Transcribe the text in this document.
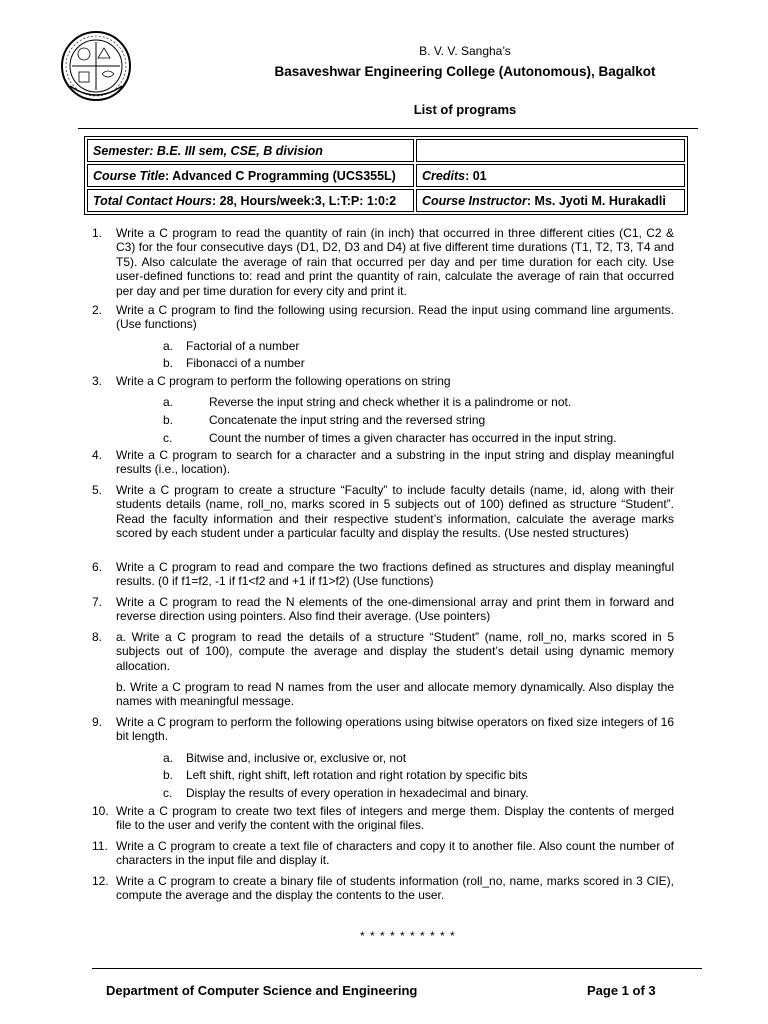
B. V. V. Sangha’s
Basaveshwar Engineering College (Autonomous), Bagalkot
List of programs
Semester: B.E. III sem, CSE, B division	
Course Title: Advanced C Programming (UCS355L)	Credits: 01
Total Contact Hours: 28, Hours/week:3, L:T:P: 1:0:2	Course Instructor: Ms. Jyoti M. Hurakadli
1. Write a C program to read the quantity of rain (in inch) that occurred in three different cities (C1, C2 & C3) for the four consecutive days (D1, D2, D3 and D4) at five different time durations (T1, T2, T3, T4 and T5). Also calculate the average of rain that occurred per day and per time duration for each city. Use user-defined functions to: read and print the quantity of rain, calculate the average of rain that occurred per day and per time duration for every city and print it.
2. Write a C program to find the following using recursion. Read the input using command line arguments. (Use functions)
a. Factorial of a number
b. Fibonacci of a number
3. Write a C program to perform the following operations on string
a.	Reverse the input string and check whether it is a palindrome or not.
b.	Concatenate the input string and the reversed string
c.	Count the number of times a given character has occurred in the input string.
4. Write a C program to search for a character and a substring in the input string and display meaningful results (i.e., location).
5. Write a C program to create a structure “Faculty” to include faculty details (name, id, along with their students details (name, roll_no, marks scored in 5 subjects out of 100) defined as structure “Student”. Read the faculty information and their respective student’s information, calculate the average marks scored by each student under a particular faculty and display the results. (Use nested structures)
6. Write a C program to read and compare the two fractions defined as structures and display meaningful results. (0 if f1=f2, -1 if f1<f2 and +1 if f1>f2) (Use functions)
7. Write a C program to read the N elements of the one-dimensional array and print them in forward and reverse direction using pointers. Also find their average. (Use pointers)
8. a. Write a C program to read the details of a structure “Student” (name, roll_no, marks scored in 5 subjects out of 100), compute the average and display the student’s detail using dynamic memory allocation.
b. Write a C program to read N names from the user and allocate memory dynamically. Also display the names with meaningful message.
9. Write a C program to perform the following operations using bitwise operators on fixed size integers of 16 bit length.
a. Bitwise and, inclusive or, exclusive or, not
b. Left shift, right shift, left rotation and right rotation by specific bits
c. Display the results of every operation in hexadecimal and binary.
10. Write a C program to create two text files of integers and merge them. Display the contents of merged file to the user and verify the content with the original files.
11. Write a C program to create a text file of characters and copy it to another file. Also count the number of characters in the input file and display it.
12. Write a C program to create a binary file of students information (roll_no, name, marks scored in 3 CIE), compute the average and the display the contents to the user.
* * * * * * * * * *
Department of Computer Science and Engineering	Page 1 of 3
